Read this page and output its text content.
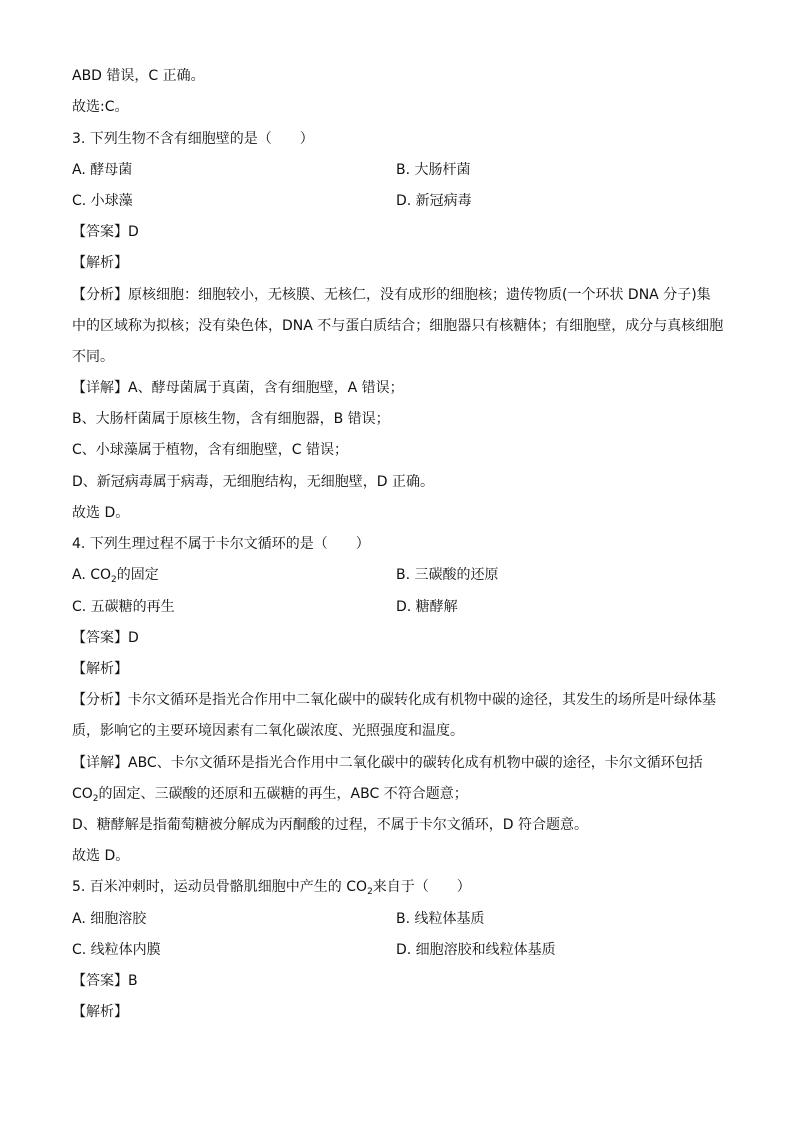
ABD 错误，C 正确。
故选:C。
3. 下列生物不含有细胞壁的是（　　）
A. 酵母菌	B. 大肠杆菌
C. 小球藻	D. 新冠病毒
【答案】D
【解析】
【分析】原核细胞：细胞较小，无核膜、无核仁，没有成形的细胞核；遗传物质(一个环状 DNA 分子)集中的区域称为拟核；没有染色体，DNA 不与蛋白质结合；细胞器只有核糖体；有细胞壁，成分与真核细胞不同。
【详解】A、酵母菌属于真菌，含有细胞壁，A 错误；
B、大肠杆菌属于原核生物，含有细胞器，B 错误；
C、小球藻属于植物，含有细胞壁，C 错误；
D、新冠病毒属于病毒，无细胞结构，无细胞壁，D 正确。
故选 D。
4. 下列生理过程不属于卡尔文循环的是（　　）
A. $CO_2$的固定	B. 三碳酸的还原
C. 五碳糖的再生	D. 糖酵解
【答案】D
【解析】
【分析】卡尔文循环是指光合作用中二氧化碳中的碳转化成有机物中碳的途径，其发生的场所是叶绿体基质，影响它的主要环境因素有二氧化碳浓度、光照强度和温度。
【详解】ABC、卡尔文循环是指光合作用中二氧化碳中的碳转化成有机物中碳的途径，卡尔文循环包括
$CO_2$的固定、三碳酸的还原和五碳糖的再生，ABC 不符合题意；
D、糖酵解是指葡萄糖被分解成为丙酮酸的过程，不属于卡尔文循环，D 符合题意。
故选 D。
5. 百米冲刺时，运动员骨骼肌细胞中产生的 $CO_2$来自于（　　）
A. 细胞溶胶	B. 线粒体基质
C. 线粒体内膜	D. 细胞溶胶和线粒体基质
【答案】B
【解析】
